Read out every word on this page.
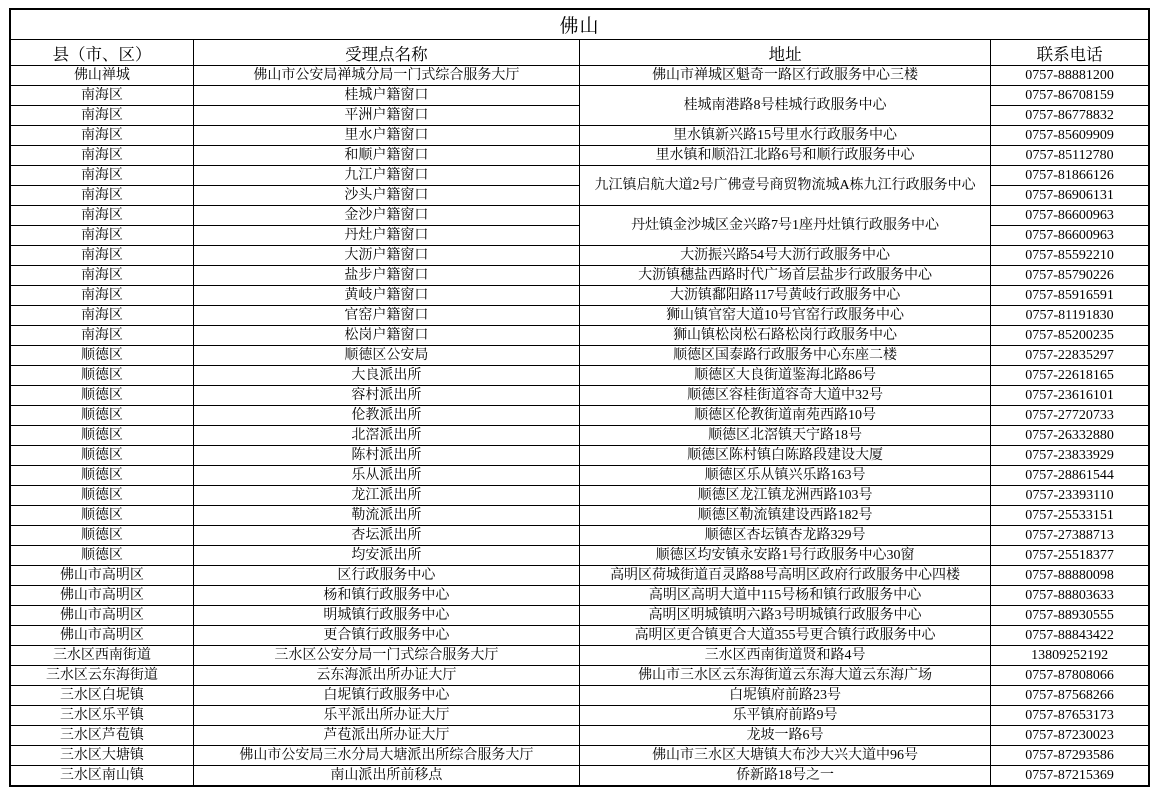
佛山			
县（市、区）	受理点名称	地址	联系电话
佛山禅城	佛山市公安局禅城分局一门式综合服务大厅	佛山市禅城区魁奇一路区行政服务中心三楼	0757-88881200
南海区	桂城户籍窗口	桂城南港路8号桂城行政服务中心	0757-86708159
南海区	平洲户籍窗口		0757-86778832
南海区	里水户籍窗口	里水镇新兴路15号里水行政服务中心	0757-85609909
南海区	和顺户籍窗口	里水镇和顺沿江北路6号和顺行政服务中心	0757-85112780
南海区	九江户籍窗口	九江镇启航大道2号广佛壹号商贸物流城A栋九江行政服务中心	0757-81866126
南海区	沙头户籍窗口		0757-86906131
南海区	金沙户籍窗口	丹灶镇金沙城区金兴路7号1座丹灶镇行政服务中心	0757-86600963
南海区	丹灶户籍窗口		0757-86600963
南海区	大沥户籍窗口	大沥振兴路54号大沥行政服务中心	0757-85592210
南海区	盐步户籍窗口	大沥镇穗盐西路时代广场首层盐步行政服务中心	0757-85790226
南海区	黄岐户籍窗口	大沥镇鄱阳路117号黄岐行政服务中心	0757-85916591
南海区	官窑户籍窗口	狮山镇官窑大道10号官窑行政服务中心	0757-81191830
南海区	松岗户籍窗口	狮山镇松岗松石路松岗行政服务中心	0757-85200235
顺德区	顺德区公安局	顺德区国泰路行政服务中心东座二楼	0757-22835297
顺德区	大良派出所	顺德区大良街道鉴海北路86号	0757-22618165
顺德区	容村派出所	顺德区容桂街道容奇大道中32号	0757-23616101
顺德区	伦教派出所	顺德区伦教街道南苑西路10号	0757-27720733
顺德区	北滘派出所	顺德区北滘镇天宁路18号	0757-26332880
顺德区	陈村派出所	顺德区陈村镇白陈路段建设大厦	0757-23833929
顺德区	乐从派出所	顺德区乐从镇兴乐路163号	0757-28861544
顺德区	龙江派出所	顺德区龙江镇龙洲西路103号	0757-23393110
顺德区	勒流派出所	顺德区勒流镇建设西路182号	0757-25533151
顺德区	杏坛派出所	顺德区杏坛镇杏龙路329号	0757-27388713
顺德区	均安派出所	顺德区均安镇永安路1号行政服务中心30窗	0757-25518377
佛山市高明区	区行政服务中心	高明区荷城街道百灵路88号高明区政府行政服务中心四楼	0757-88880098
佛山市高明区	杨和镇行政服务中心	高明区高明大道中115号杨和镇行政服务中心	0757-88803633
佛山市高明区	明城镇行政服务中心	高明区明城镇明六路3号明城镇行政服务中心	0757-88930555
佛山市高明区	更合镇行政服务中心	高明区更合镇更合大道355号更合镇行政服务中心	0757-88843422
三水区西南街道	三水区公安分局一门式综合服务大厅	三水区西南街道贤和路4号	13809252192
三水区云东海街道	云东海派出所办证大厅	佛山市三水区云东海街道云东海大道云东海广场	0757-87808066
三水区白坭镇	白坭镇行政服务中心	白坭镇府前路23号	0757-87568266
三水区乐平镇	乐平派出所办证大厅	乐平镇府前路9号	0757-87653173
三水区芦苞镇	芦苞派出所办证大厅	龙坡一路6号	0757-87230023
三水区大塘镇	佛山市公安局三水分局大塘派出所综合服务大厅	佛山市三水区大塘镇大布沙大兴大道中96号	0757-87293586
三水区南山镇	南山派出所前移点	侨新路18号之一	0757-87215369
